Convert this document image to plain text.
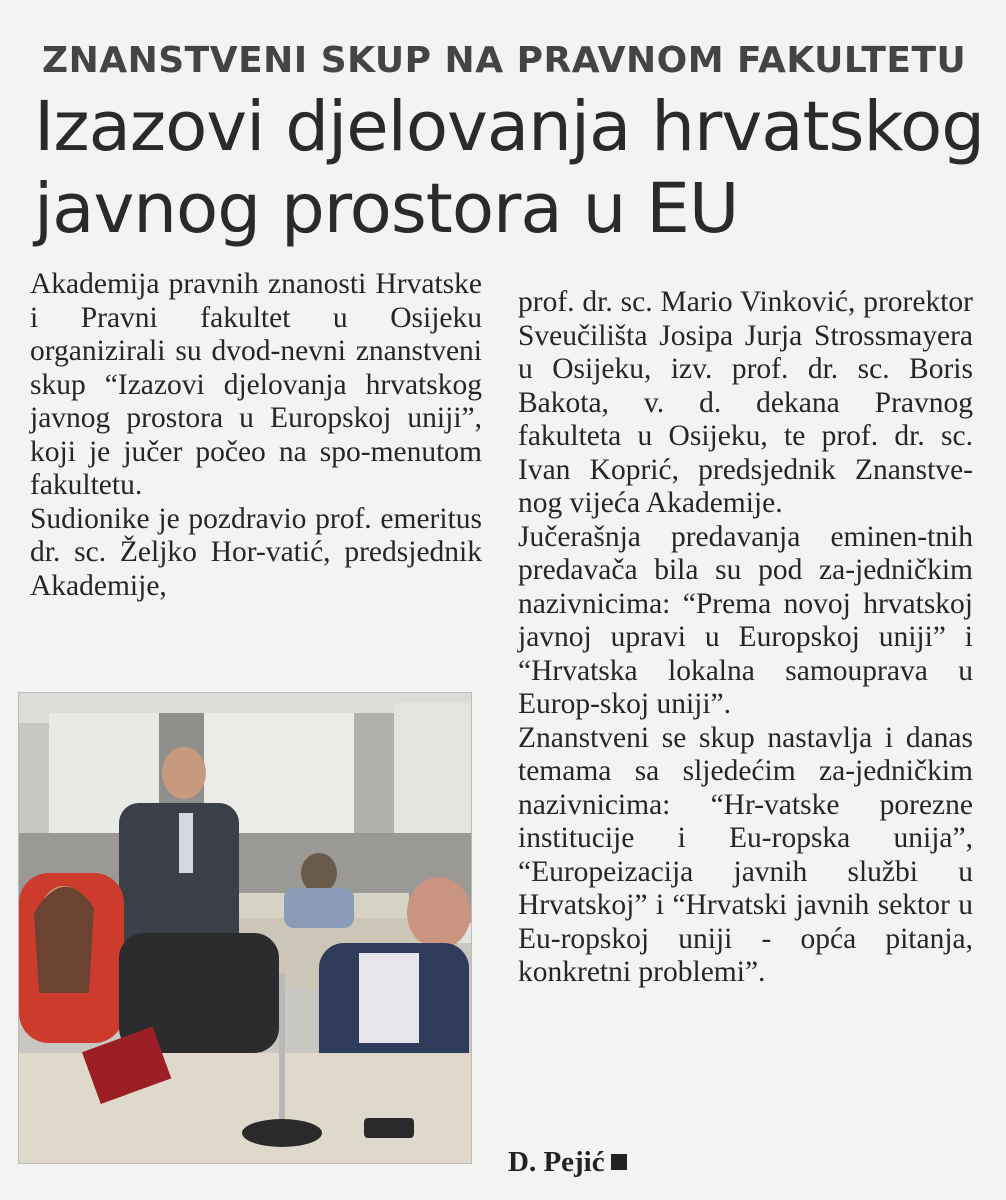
ZNANSTVENI SKUP NA PRAVNOM FAKULTETU
Izazovi djelovanja hrvatskog javnog prostora u EU

Akademija pravnih znanosti Hrvatske i Pravni fakultet u Osijeku organizirali su dvod-nevni znanstveni skup “Izazovi djelovanja hrvatskog javnog prostora u Europskoj uniji”, koji je jučer počeo na spo-menutom fakultetu.

Sudionike je pozdravio prof. emeritus dr. sc. Željko Hor-vatić, predsjednik Akademije,

prof. dr. sc. Mario Vinković, prorektor Sveučilišta Josipa Jurja Strossmayera u Osijeku, izv. prof. dr. sc. Boris Bakota, v. d. dekana Pravnog fakulteta u Osijeku, te prof. dr. sc. Ivan Koprić, predsjednik Znanstve-nog vijeća Akademije.

Jučerašnja predavanja eminen-tnih predavača bila su pod za-jedničkim nazivnicima: “Prema novoj hrvatskoj javnoj upravi u Europskoj uniji” i “Hrvatska lokalna samouprava u Europ-skoj uniji”.

Znanstveni se skup nastavlja i danas temama sa sljedećim za-jedničkim nazivnicima: “Hr-vatske porezne institucije i Eu-ropska unija”, “Europeizacija javnih službi u Hrvatskoj” i “Hrvatski javnih sektor u Eu-ropskoj uniji - opća pitanja, konkretni problemi”.

D. Pejić
